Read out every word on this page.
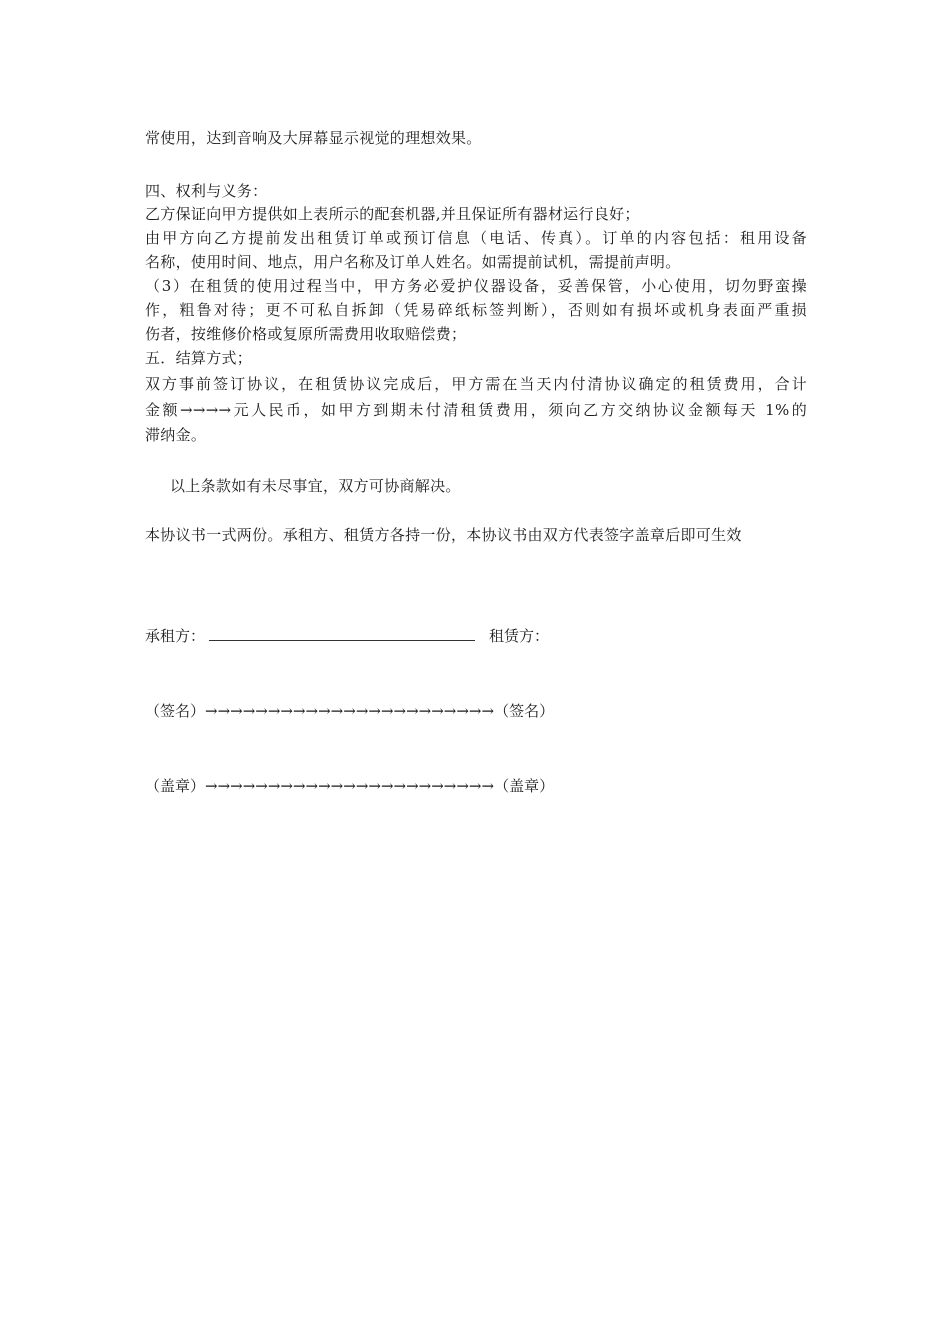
常使用，达到音响及大屏幕显示视觉的理想效果。
四、权利与义务：
乙方保证向甲方提供如上表所示的配套机器,并且保证所有器材运行良好；
由甲方向乙方提前发出租赁订单或预订信息（电话、传真）。订单的内容包括：租用设备
名称，使用时间、地点，用户名称及订单人姓名。如需提前试机，需提前声明。
（3）在租赁的使用过程当中，甲方务必爱护仪器设备，妥善保管，小心使用，切勿野蛮操
作，粗鲁对待；更不可私自拆卸（凭易碎纸标签判断），否则如有损坏或机身表面严重损
伤者，按维修价格或复原所需费用收取赔偿费；
五．结算方式；
双方事前签订协议，在租赁协议完成后，甲方需在当天内付清协议确定的租赁费用，合计
金额→→→→元人民币，如甲方到期未付清租赁费用，须向乙方交纳协议金额每天 1%的
滞纳金。
以上条款如有未尽事宜，双方可协商解决。
本协议书一式两份。承租方、租赁方各持一份，本协议书由双方代表签字盖章后即可生效
承租方：	租赁方：
（签名）→→→→→→→→→→→→→→→→→→→→→→→（签名）
（盖章）→→→→→→→→→→→→→→→→→→→→→→→（盖章）
